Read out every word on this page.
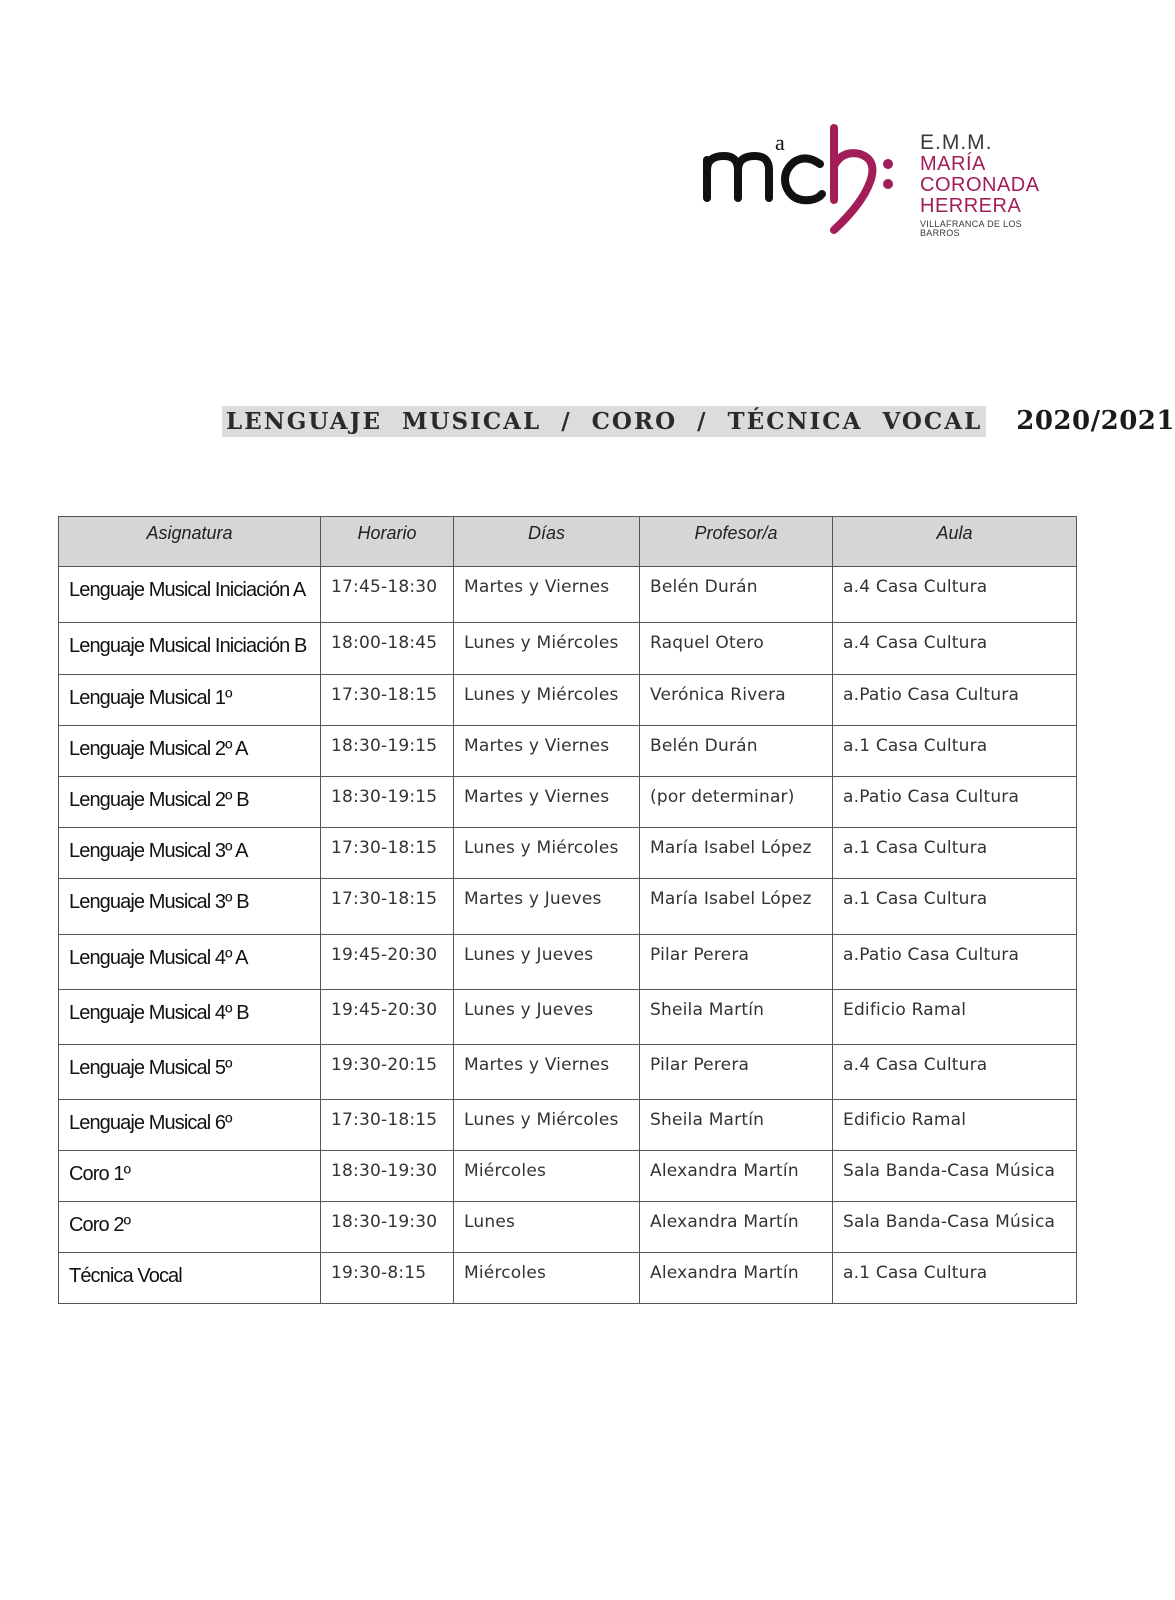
a	E.M.M.
MARÍA
CORONADA
HERRERA
VILLAFRANCA DE LOS BARROS
LENGUAJE  MUSICAL  /  CORO  /  TÉCNICA  VOCAL 2020/2021
Asignatura	Horario	Días	Profesor/a	Aula
Lenguaje Musical Iniciación A	17:45-18:30	Martes y Viernes	Belén Durán	a.4 Casa Cultura
Lenguaje Musical Iniciación B	18:00-18:45	Lunes y Miércoles	Raquel Otero	a.4 Casa Cultura
Lenguaje Musical 1º	17:30-18:15	Lunes y Miércoles	Verónica Rivera	a.Patio Casa Cultura
Lenguaje Musical 2º A	18:30-19:15	Martes y Viernes	Belén Durán	a.1 Casa Cultura
Lenguaje Musical 2º B	18:30-19:15	Martes y Viernes	(por determinar)	a.Patio Casa Cultura
Lenguaje Musical 3º A	17:30-18:15	Lunes y Miércoles	María Isabel López	a.1 Casa Cultura
Lenguaje Musical 3º B	17:30-18:15	Martes y Jueves	María Isabel López	a.1 Casa Cultura
Lenguaje Musical 4º A	19:45-20:30	Lunes y Jueves	Pilar Perera	a.Patio Casa Cultura
Lenguaje Musical 4º B	19:45-20:30	Lunes y Jueves	Sheila Martín	Edificio Ramal
Lenguaje Musical 5º	19:30-20:15	Martes y Viernes	Pilar Perera	a.4 Casa Cultura
Lenguaje Musical 6º	17:30-18:15	Lunes y Miércoles	Sheila Martín	Edificio Ramal
Coro 1º	18:30-19:30	Miércoles	Alexandra Martín	Sala Banda-Casa Música
Coro 2º	18:30-19:30	Lunes	Alexandra Martín	Sala Banda-Casa Música
Técnica Vocal	19:30-8:15	Miércoles	Alexandra Martín	a.1 Casa Cultura
